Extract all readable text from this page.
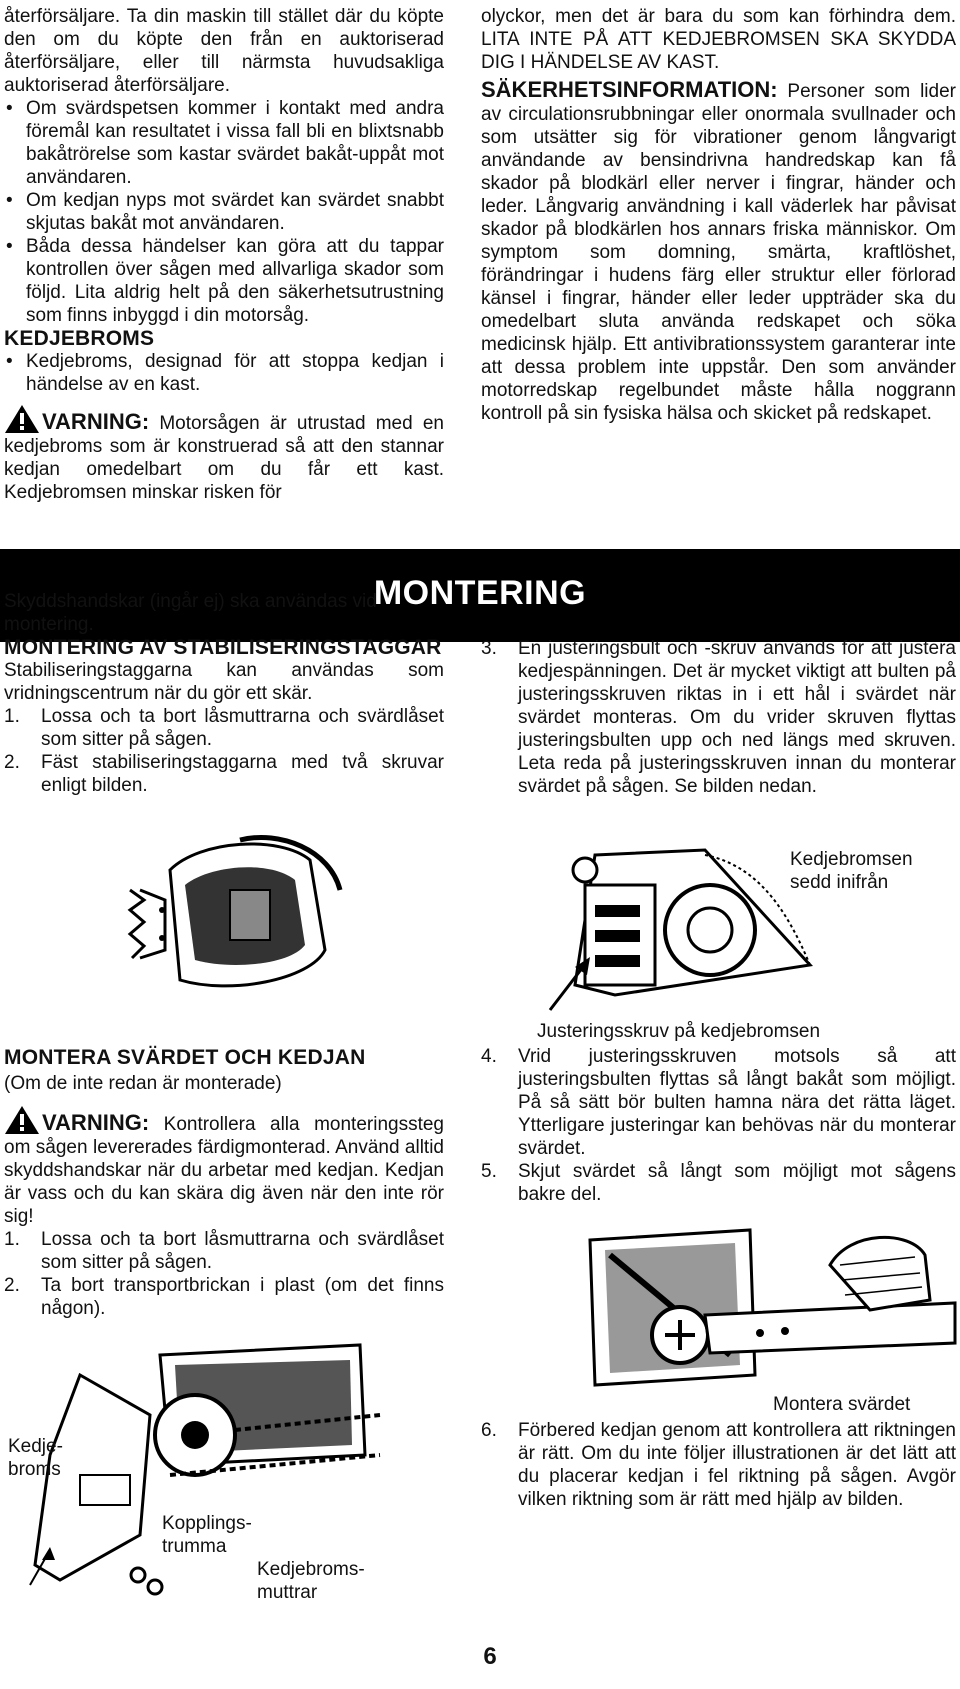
återförsäljare. Ta din maskin till stället där du köpte den om du köpte den från en auktoriserad återförsäljare, eller till närmsta huvudsakliga auktoriserad återförsäljare.

• Om svärdspetsen kommer i kontakt med andra föremål kan resultatet i vissa fall bli en blixtsnabb bakåtrörelse som kastar svärdet bakåt-uppåt mot användaren.
• Om kedjan nyps mot svärdet kan svärdet snabbt skjutas bakåt mot användaren.
• Båda dessa händelser kan göra att du tappar kontrollen över sågen med allvarliga skador som följd. Lita aldrig helt på den säkerhetsutrustning som finns inbyggd i din motorsåg.

KEDJEBROMS

• Kedjebroms, designad för att stoppa kedjan i händelse av en kast.

VARNING: Motorsågen är utrustad med en kedjebroms som är konstruerad så att den stannar kedjan omedelbart om du får ett kast. Kedjebromsen minskar risken för

olyckor, men det är bara du som kan förhindra dem. LITA INTE PÅ ATT KEDJEBROMSEN SKA SKYDDA DIG I HÄNDELSE AV KAST.

SÄKERHETSINFORMATION: Personer som lider av circulationsrubbningar eller onormala svullnader och som utsätter sig för vibrationer genom långvarigt användande av bensindrivna handredskap kan få skador på blodkärl eller nerver i fingrar, händer och leder. Långvarig användning i kall väderlek har påvisat skador på blodkärlen hos annars friska människor. Om symptom som domning, smärta, kraftlöshet, förändringar i hudens färg eller struktur eller förlorad känsel i fingrar, händer eller leder uppträder ska du omedelbart sluta använda redskapet och söka medicinsk hjälp. Ett antivibrationssystem garanterar inte att dessa problem inte uppstår. Den som använder motorredskap regelbundet måste hålla noggrann kontroll på sin fysiska hälsa och skicket på redskapet.

MONTERING

Skyddshandskar (ingår ej) ska användas vid montering.

MONTERING AV STABILISERINGSTAGGAR

Stabiliseringstaggarna kan användas som vridningscentrum när du gör ett skär.

1. Lossa och ta bort låsmuttrarna och svärdlåset som sitter på sågen.
2. Fäst stabiliseringstaggarna med två skruvar enligt bilden.

MONTERA SVÄRDET OCH KEDJAN

(Om de inte redan är monterade)

VARNING: Kontrollera alla monteringssteg om sågen levererades färdigmonterad. Använd alltid skyddshandskar när du arbetar med kedjan. Kedjan är vass och du kan skära dig även när den inte rör sig!

1. Lossa och ta bort låsmuttrarna och svärdlåset som sitter på sågen.
2. Ta bort transportbrickan i plast (om det finns någon).
Kedje-
broms
Kopplings-
trumma
Kedjebroms-
muttrar
3. En justeringsbult och -skruv används för att justera kedjespänningen. Det är mycket viktigt att bulten på justeringsskruven riktas in i ett hål i svärdet när svärdet monteras. Om du vrider skruven flyttas justeringsbulten upp och ned längs med skruven. Leta reda på justeringsskruven innan du monterar svärdet på sågen. Se bilden nedan.
Kedjebromsen
sedd inifrån
Justeringsskruv på kedjebromsen
4. Vrid justeringsskruven motsols så att justeringsbulten flyttas så långt bakåt som möjligt. På så sätt bör bulten hamna nära det rätta läget. Ytterligare justeringar kan behövas när du monterar svärdet.
5. Skjut svärdet så långt som möjligt mot sågens bakre del.
Montera svärdet
6. Förbered kedjan genom att kontrollera att riktningen är rätt. Om du inte följer illustrationen är det lätt att du placerar kedjan i fel riktning på sågen. Avgör vilken riktning som är rätt med hjälp av bilden.
6
